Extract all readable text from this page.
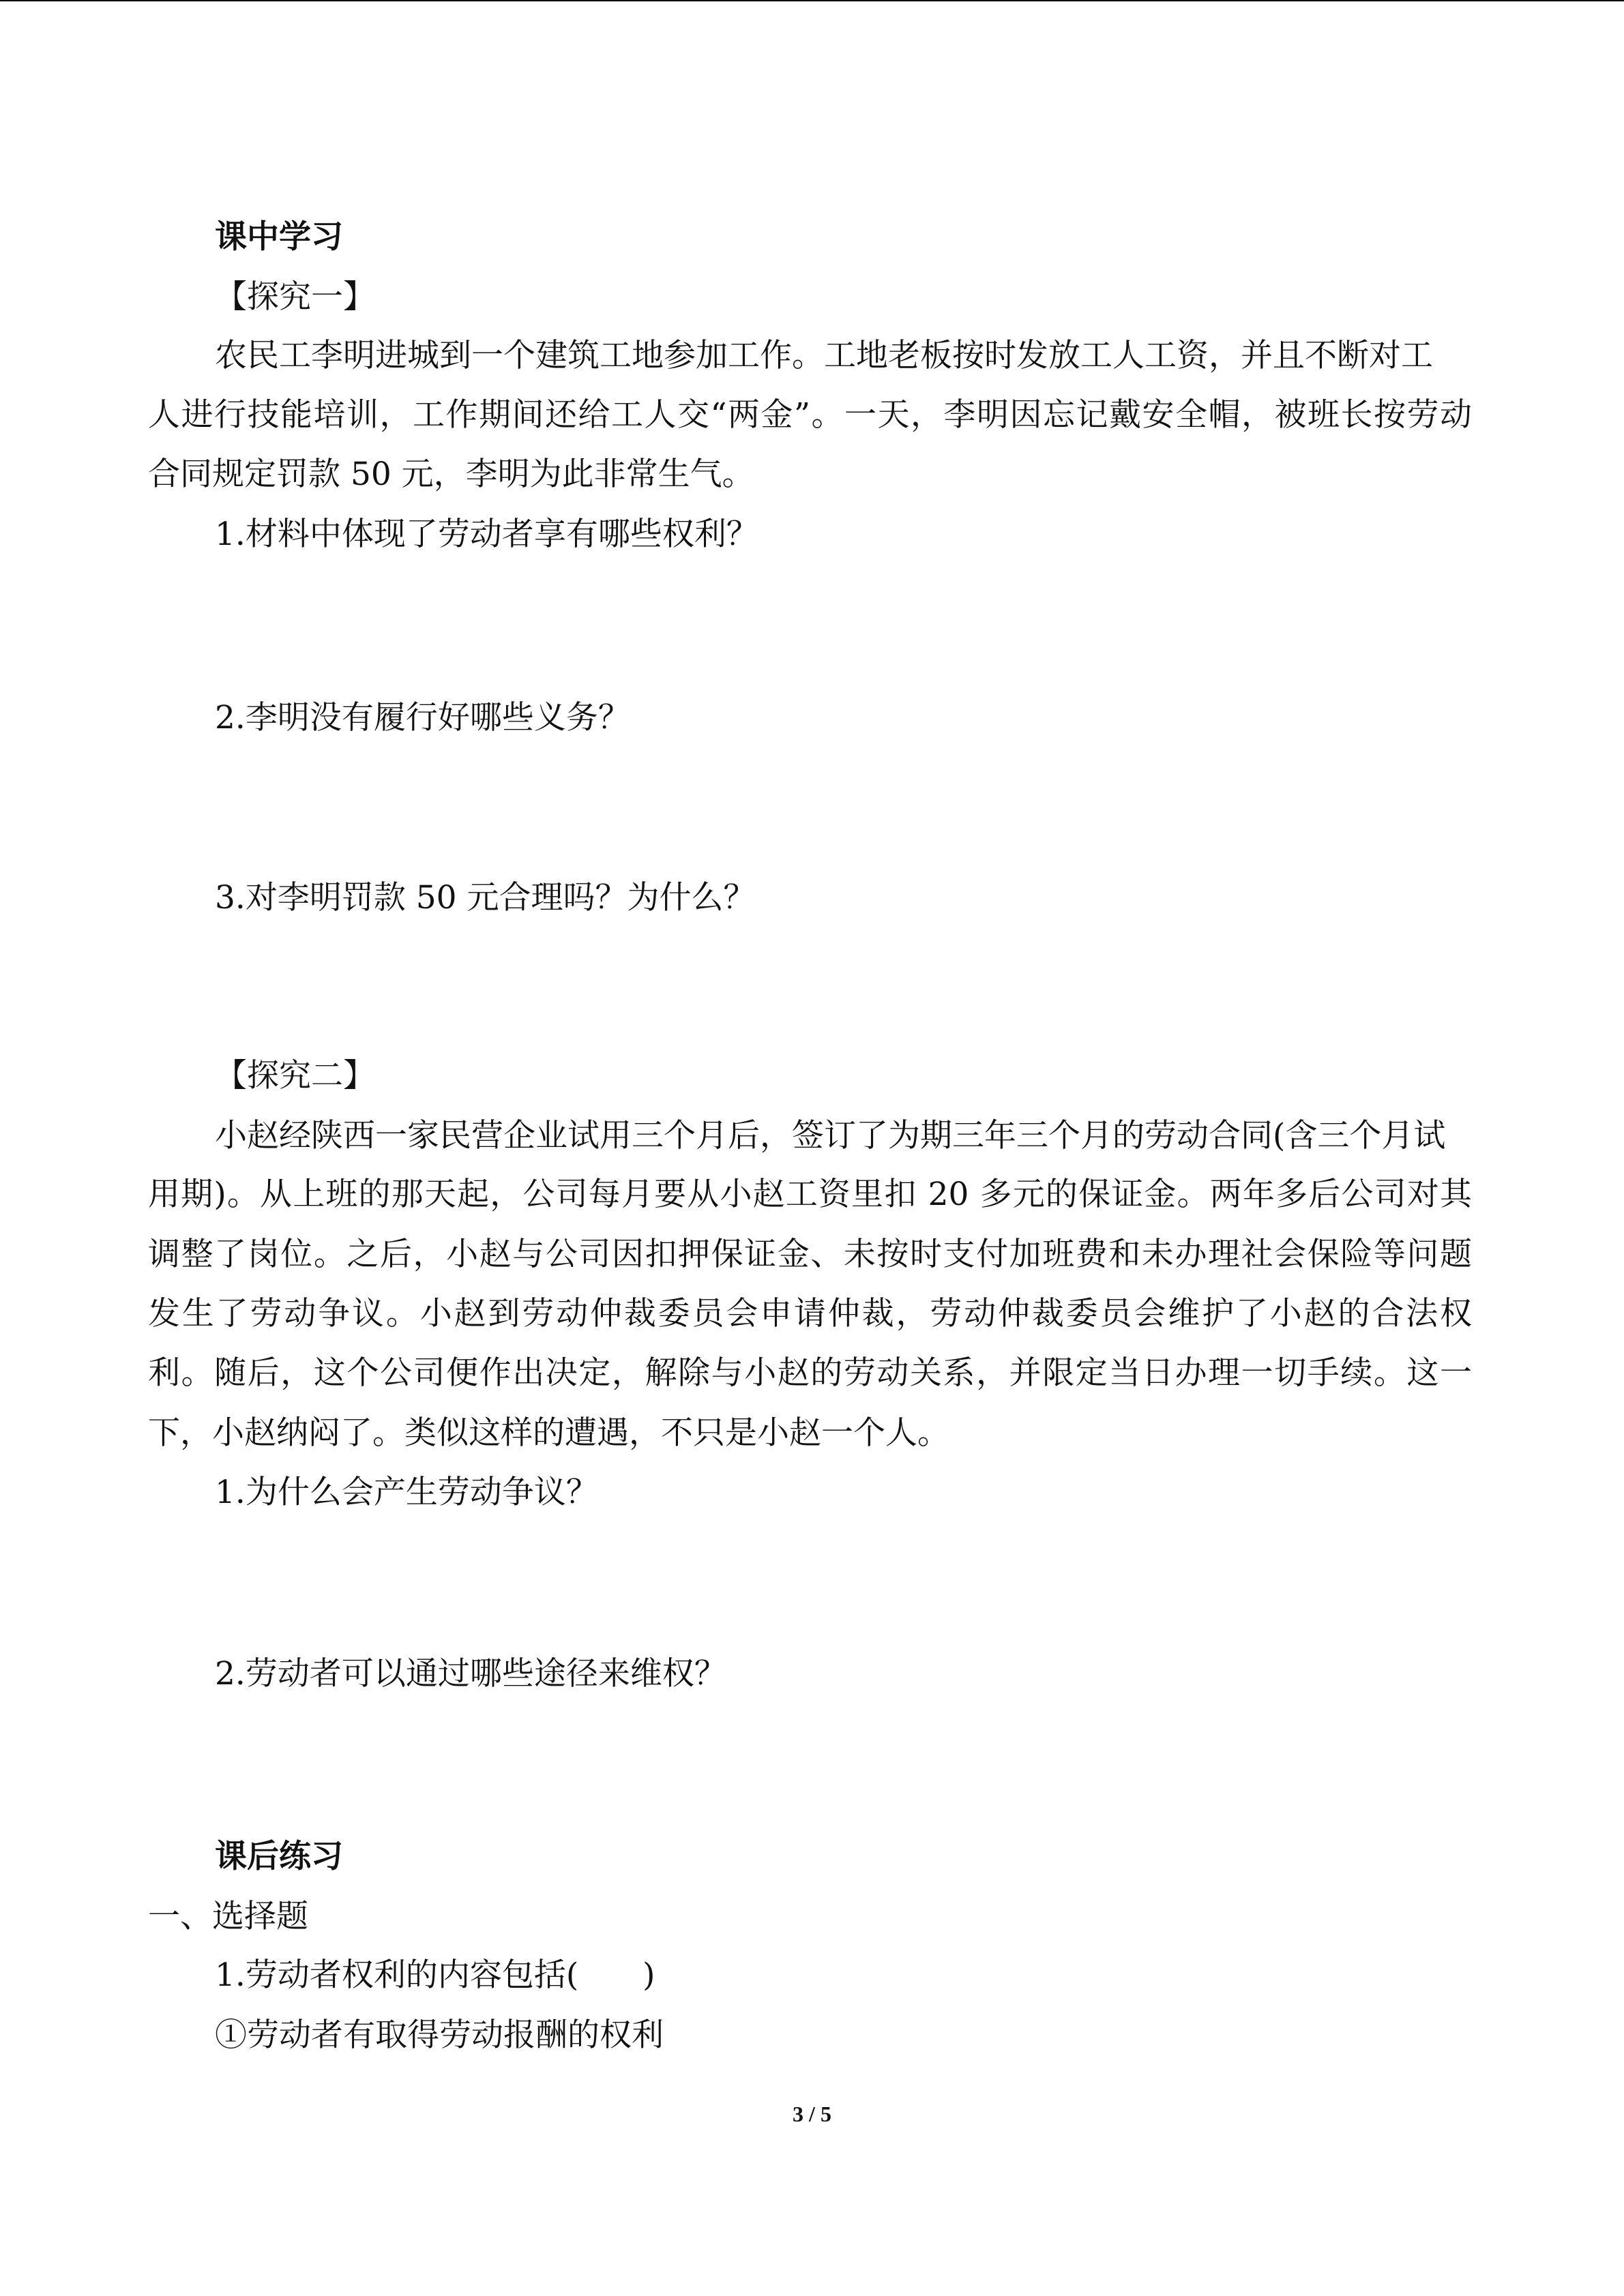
课中学习
【探究一】
农民工李明进城到一个建筑工地参加工作。工地老板按时发放工人工资，并且不断对工
人进行技能培训，工作期间还给工人交“两金”。一天，李明因忘记戴安全帽，被班长按劳动
合同规定罚款 50 元，李明为此非常生气。
1.材料中体现了劳动者享有哪些权利？
2.李明没有履行好哪些义务？
3.对李明罚款 50 元合理吗？为什么？
【探究二】
小赵经陕西一家民营企业试用三个月后，签订了为期三年三个月的劳动合同(含三个月试
用期)。从上班的那天起，公司每月要从小赵工资里扣 20 多元的保证金。两年多后公司对其
调整了岗位。之后，小赵与公司因扣押保证金、未按时支付加班费和未办理社会保险等问题
发生了劳动争议。小赵到劳动仲裁委员会申请仲裁，劳动仲裁委员会维护了小赵的合法权
利。随后，这个公司便作出决定，解除与小赵的劳动关系，并限定当日办理一切手续。这一
下，小赵纳闷了。类似这样的遭遇，不只是小赵一个人。
1.为什么会产生劳动争议？
2.劳动者可以通过哪些途径来维权？
课后练习
一、选择题
1.劳动者权利的内容包括(　　)
①劳动者有取得劳动报酬的权利
3 / 5
